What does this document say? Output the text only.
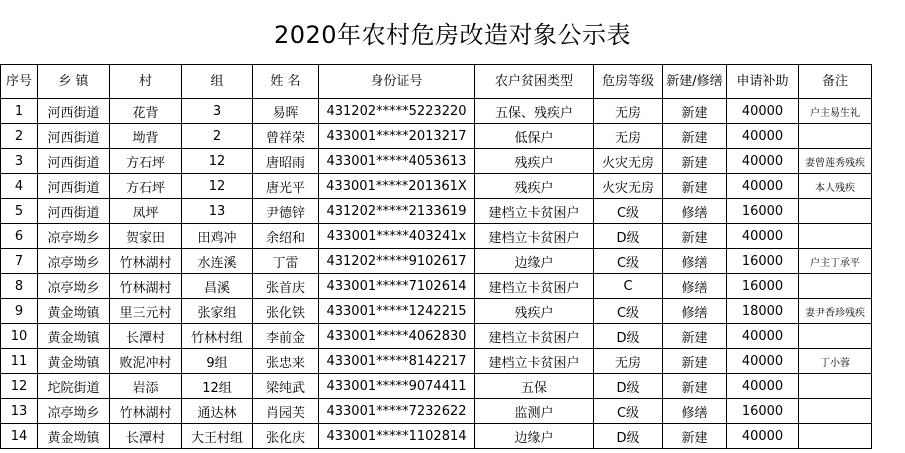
2020年农村危房改造对象公示表
序号	乡 镇	村	组	姓 名	身份证号	农户贫困类型	危房等级	新建/修缮	申请补助	备注
1	河西街道	花背	3	易晖	431202*****5223220	五保、残疾户	无房	新建	40000	户主易生礼
2	河西街道	坳背	2	曾祥荣	433001*****2013217	低保户	无房	新建	40000	
3	河西街道	方石坪	12	唐昭雨	433001*****4053613	残疾户	火灾无房	新建	40000	妻曾莲秀残疾
4	河西街道	方石坪	12	唐光平	433001*****201361X	残疾户	火灾无房	新建	40000	本人残疾
5	河西街道	凤坪	13	尹德锌	431202*****2133619	建档立卡贫困户	C级	修缮	16000	
6	凉亭坳乡	贺家田	田鸡冲	余绍和	433001*****403241x	建档立卡贫困户	D级	新建	40000	
7	凉亭坳乡	竹林湖村	水连溪	丁雷	431202*****9102617	边缘户	C级	修缮	16000	户主丁承平
8	凉亭坳乡	竹林湖村	昌溪	张首庆	433001*****7102614	建档立卡贫困户	C	修缮	16000	
9	黄金坳镇	里三元村	张家组	张化铁	433001*****1242215	残疾户	C级	修缮	18000	妻尹香珍残疾
10	黄金坳镇	长潭村	竹林村组	李前金	433001*****4062830	建档立卡贫困户	D级	新建	40000	
11	黄金坳镇	败泥冲村	9组	张忠来	433001*****8142217	建档立卡贫困户	无房	新建	40000	丁小蓉
12	坨院街道	岩添	12组	梁纯武	433001*****9074411	五保	D级	新建	40000	
13	凉亭坳乡	竹林湖村	通达林	肖园芙	433001*****7232622	监测户	C级	修缮	16000	
14	黄金坳镇	长潭村	大王村组	张化庆	433001*****1102814	边缘户	D级	新建	40000	
